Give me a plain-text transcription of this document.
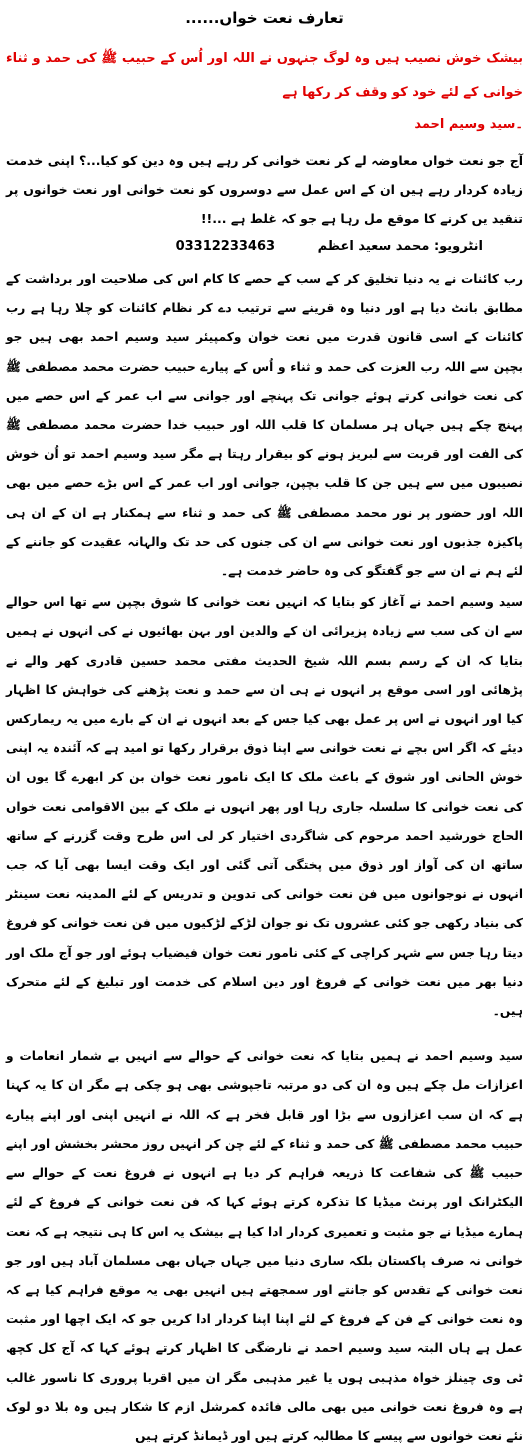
تعارف نعت خواں......

بیشک خوش نصیب ہیں وہ لوگ جنہوں نے اللہ اور اُس کے حبیب ﷺ کی حمد و ثناء خوانی کے لئے خود کو وقف کر رکھا ہے

۔سید وسیم احمد

آج جو نعت خواں معاوضہ لے کر نعت خوانی کر رہے ہیں وہ دین کو کیا...؟ اپنی خدمت زیادہ کردار رہے ہیں ان کے اس عمل سے دوسروں کو نعت خوانی اور نعت خوانوں پر تنقید یں کرنے کا موقع مل رہا ہے جو کہ غلط ہے ...!!

انٹرویو: محمد سعید اعظم 03312233463

رب کائنات نے یہ دنیا تخلیق کر کے سب کے حصے کا کام اس کی صلاحیت اور برداشت کے مطابق بانٹ دیا ہے اور دنیا وہ قرینے سے ترتیب دے کر نظام کائنات کو چلا رہا ہے رب کائنات کے اسی قانون قدرت میں نعت خوان وکمپیئر سید وسیم احمد بھی ہیں جو بچپن سے اللہ رب العزت کی حمد و ثناء و اُس کے پیارے حبیب حضرت محمد مصطفی ﷺ کی نعت خوانی کرتے ہوئے جوانی تک پہنچے اور جوانی سے اب عمر کے اس حصے میں پہنچ چکے ہیں جہاں ہر مسلمان کا قلب اللہ اور حبیب خدا حضرت محمد مصطفی ﷺ کی الفت اور قربت سے لبریز ہونے کو بیقرار رہتا ہے مگر سید وسیم احمد تو اُن خوش نصیبوں میں سے ہیں جن کا قلب بچپن، جوانی اور اب عمر کے اس بڑے حصے میں بھی اللہ اور حضور پر نور محمد مصطفی ﷺ کی حمد و ثناء سے ہمکنار ہے ان کے ان ہی پاکیزہ جذبوں اور نعت خوانی سے ان کی جنوں کی حد تک والہانہ عقیدت کو جاننے کے لئے ہم نے ان سے جو گفتگو کی وہ حاضر خدمت ہے۔

سید وسیم احمد نے آغاز کو بتایا کہ انہیں نعت خوانی کا شوق بچپن سے تھا اس حوالے سے ان کی سب سے زیادہ پزیرائی ان کے والدین اور بہن بھائیوں نے کی انہوں نے ہمیں بتایا کہ ان کے رسم بسم اللہ شیخ الحدیث مفتی محمد حسین قادری کھر والے نے پڑھائی اور اسی موقع پر انہوں نے ہی ان سے حمد و نعت پڑھنے کی خواہش کا اظہار کیا اور انہوں نے اس پر عمل بھی کیا جس کے بعد انہوں نے ان کے بارے میں یہ ریمارکس دیئے کہ اگر اس بچے نے نعت خوانی سے اپنا ذوق برقرار رکھا تو امید ہے کہ آئندہ یہ اپنی خوش الحانی اور شوق کے باعث ملک کا ایک نامور نعت خوان بن کر ابھرے گا یوں ان کی نعت خوانی کا سلسلہ جاری رہا اور پھر انہوں نے ملک کے بین الاقوامی نعت خواں الحاج خورشید احمد مرحوم کی شاگردی اختیار کر لی اس طرح وقت گزرنے کے ساتھ ساتھ ان کی آواز اور ذوق میں پختگی آتی گئی اور ایک وقت ایسا بھی آیا کہ جب انہوں نے نوجوانوں میں فن نعت خوانی کی تدوین و تدریس کے لئے المدینہ نعت سینٹر کی بنیاد رکھی جو کئی عشروں تک نو جوان لڑکے لڑکیوں میں فن نعت خوانی کو فروغ دیتا رہا جس سے شہر کراچی کے کئی نامور نعت خوان فیضیاب ہوئے اور جو آج ملک اور دنیا بھر میں نعت خوانی کے فروغ اور دین اسلام کی خدمت اور تبلیغ کے لئے متحرک ہیں۔

سید وسیم احمد نے ہمیں بتایا کہ نعت خوانی کے حوالے سے انہیں بے شمار انعامات و اعزازات مل چکے ہیں وہ ان کی دو مرتبہ تاجپوشی بھی ہو چکی ہے مگر ان کا یہ کہنا ہے کہ ان سب اعزازوں سے بڑا اور قابل فخر ہے کہ اللہ نے انہیں اپنی اور اپنے پیارے حبیب محمد مصطفی ﷺ کی حمد و ثناء کے لئے چن کر انہیں روز محشر بخشش اور اپنے حبیب ﷺ کی شفاعت کا ذریعہ فراہم کر دیا ہے انہوں نے فروغ نعت کے حوالے سے الیکٹرانک اور پرنٹ میڈیا کا تذکرہ کرتے ہوئے کہا کہ فن نعت خوانی کے فروغ کے لئے ہمارے میڈیا نے جو مثبت و تعمیری کردار ادا کیا ہے بیشک یہ اس کا ہی نتیجہ ہے کہ نعت خوانی نہ صرف پاکستان بلکہ ساری دنیا میں جہاں جہاں بھی مسلمان آباد ہیں اور جو نعت خوانی کے تقدس کو جانتے اور سمجھتے ہیں انہیں بھی یہ موقع فراہم کیا ہے کہ وہ نعت خوانی کے فن کے فروغ کے لئے اپنا اپنا کردار ادا کریں جو کہ ایک اچھا اور مثبت عمل ہے ہاں البتہ سید وسیم احمد نے نارضگی کا اظہار کرتے ہوئے کہا کہ آج کل کچھ ٹی وی چینلز خواہ مذہبی ہوں یا غیر مذہبی مگر ان میں اقربا پروری کا ناسور غالب ہے وہ فروغ نعت خوانی میں بھی مالی فائدہ کمرشل ازم کا شکار ہیں وہ بلا دو لوک نئے نعت خوانوں سے پیسے کا مطالبہ کرتے ہیں اور ڈیمانڈ کرتے ہیں
